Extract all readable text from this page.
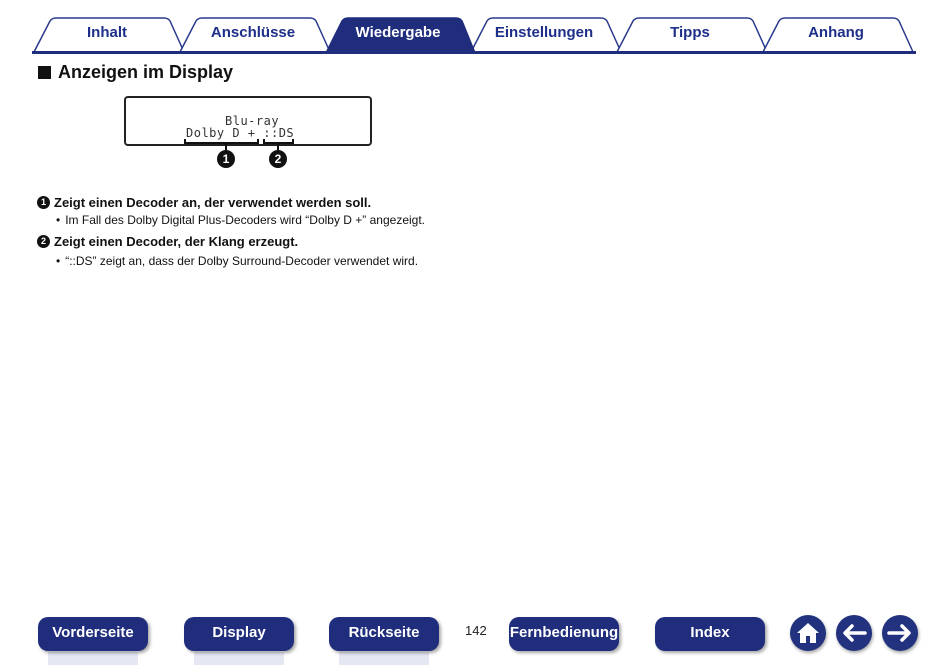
Inhalt	Anschlüsse	Wiedergabe	Einstellungen	Tipps	Anhang
Anzeigen im Display
Blu-ray
Dolby D + ::DS
1	2
1 Zeigt einen Decoder an, der verwendet werden soll.
• Im Fall des Dolby Digital Plus-Decoders wird “Dolby D +” angezeigt.
2 Zeigt einen Decoder, der Klang erzeugt.
• “::DS” zeigt an, dass der Dolby Surround-Decoder verwendet wird.
Vorderseite	Display	Rückseite	142 Fernbedienung	Index
